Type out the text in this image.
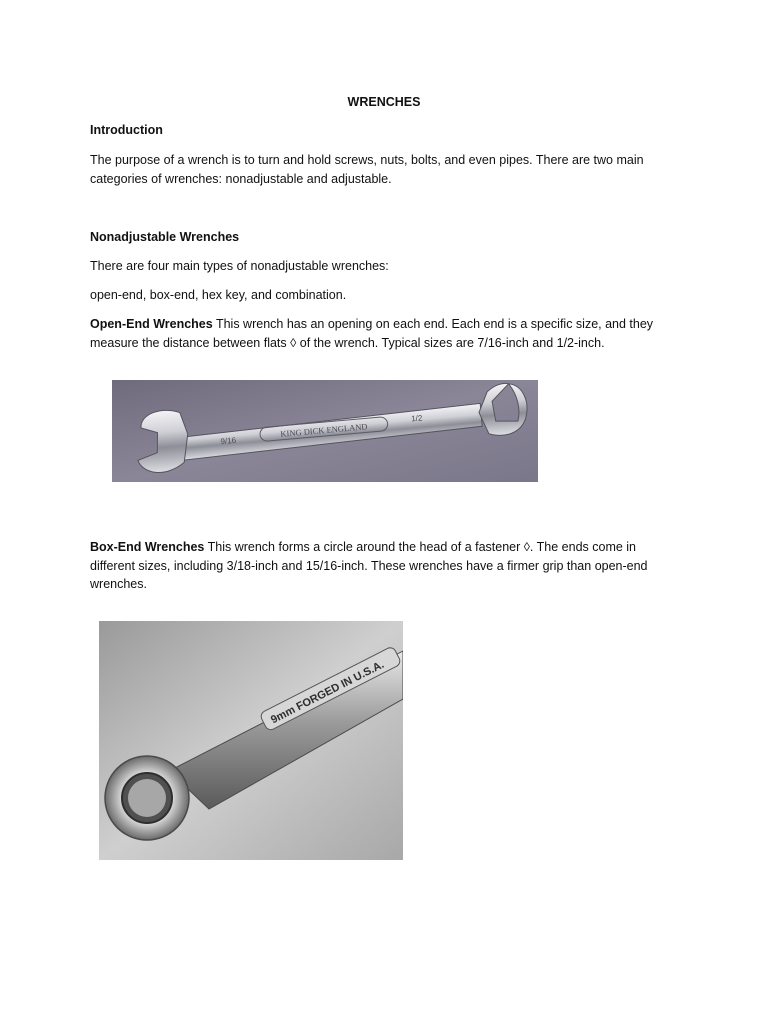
WRENCHES

Introduction

The purpose of a wrench is to turn and hold screws, nuts, bolts, and even pipes. There are two main categories of wrenches: nonadjustable and adjustable.

Nonadjustable Wrenches

There are four main types of nonadjustable wrenches:

open-end, box-end, hex key, and combination.

Open-End Wrenches This wrench has an opening on each end. Each end is a specific size, and they measure the distance between flats ◊ of the wrench. Typical sizes are 7/16-inch and 1/2-inch.

KING DICK ENGLAND
9/16
1/2

Box-End Wrenches This wrench forms a circle around the head of a fastener ◊. The ends come in different sizes, including 3/18-inch and 15/16-inch. These wrenches have a firmer grip than open-end wrenches.

9mm FORGED IN U.S.A.
